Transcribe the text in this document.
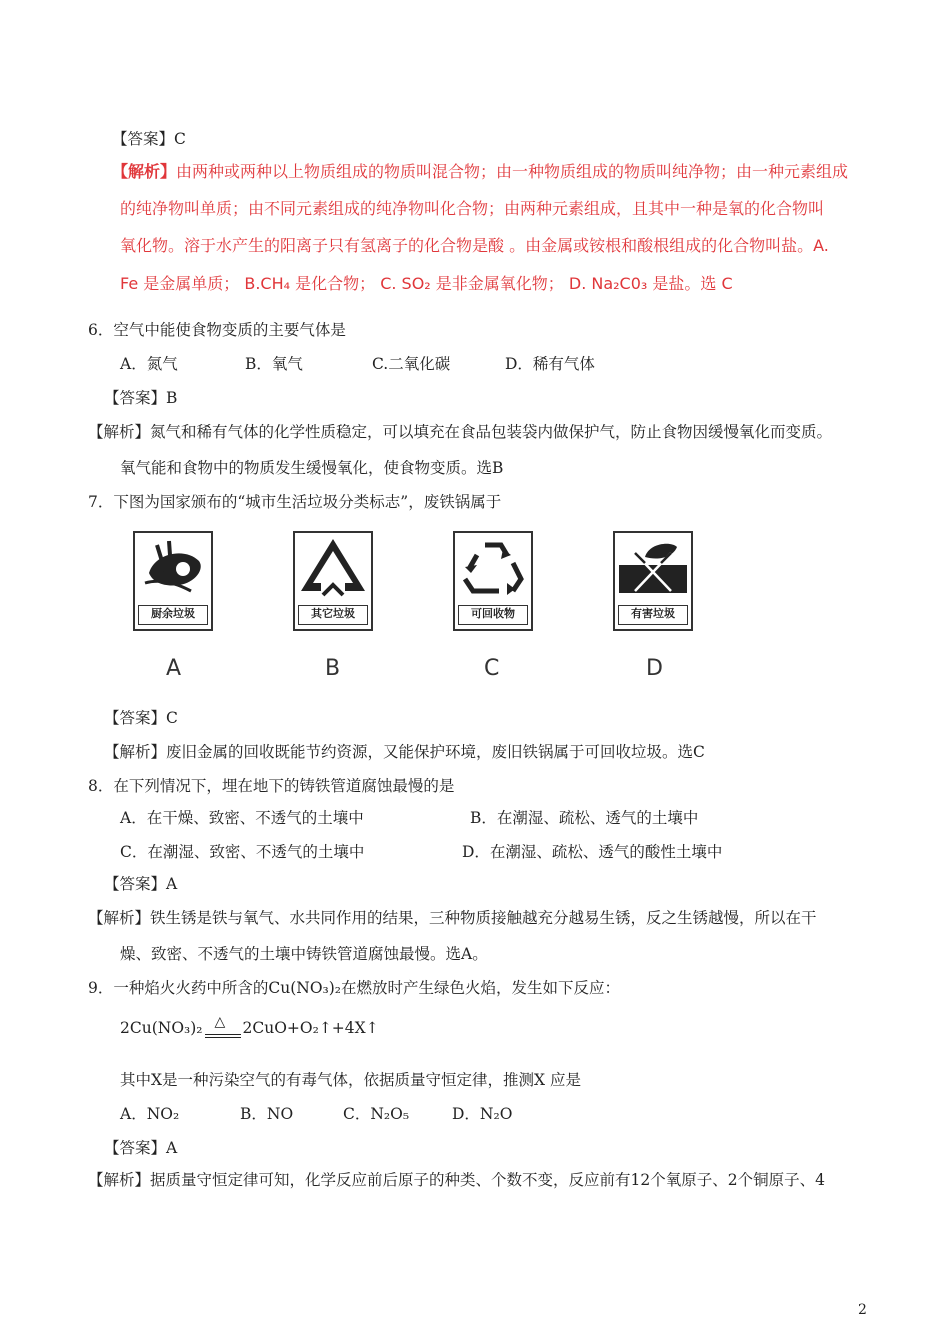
【答案】C
【解析】由两种或两种以上物质组成的物质叫混合物；由一种物质组成的物质叫纯净物；由一种元素组成
的纯净物叫单质；由不同元素组成的纯净物叫化合物；由两种元素组成，且其中一种是氧的化合物叫
氧化物。溶于水产生的阳离子只有氢离子的化合物是酸 。由金属或铵根和酸根组成的化合物叫盐。A.
Fe 是金属单质； B.CH₄ 是化合物； C. SO₂ 是非金属氧化物； D. Na₂C0₃ 是盐。选 C
6．空气中能使食物变质的主要气体是
A．氮气	B．氧气	C.二氧化碳	D．稀有气体
【答案】B
【解析】氮气和稀有气体的化学性质稳定，可以填充在食品包装袋内做保护气，防止食物因缓慢氧化而变质。
氧气能和食物中的物质发生缓慢氧化，使食物变质。选B
7．下图为国家颁布的“城市生活垃圾分类标志”，废铁锅属于
厨余垃圾	其它垃圾	可回收物	有害垃圾
A	B	C	D
【答案】C
【解析】废旧金属的回收既能节约资源，又能保护环境，废旧铁锅属于可回收垃圾。选C
8．在下列情况下，埋在地下的铸铁管道腐蚀最慢的是
A．在干燥、致密、不透气的土壤中	B．在潮湿、疏松、透气的土壤中
C．在潮湿、致密、不透气的土壤中	D．在潮湿、疏松、透气的酸性土壤中
【答案】A
【解析】铁生锈是铁与氧气、水共同作用的结果，三种物质接触越充分越易生锈，反之生锈越慢，所以在干
燥、致密、不透气的土壤中铸铁管道腐蚀最慢。选A。
9．一种焰火火药中所含的Cu(NO₃)₂在燃放时产生绿色火焰，发生如下反应：
2Cu(NO₃)₂ △ 2CuO+O₂↑+4X↑
其中X是一种污染空气的有毒气体，依据质量守恒定律，推测X 应是
A．NO₂	B．NO	C．N₂O₅	D．N₂O
【答案】A
【解析】据质量守恒定律可知，化学反应前后原子的种类、个数不变，反应前有12个氧原子、2个铜原子、4
2
